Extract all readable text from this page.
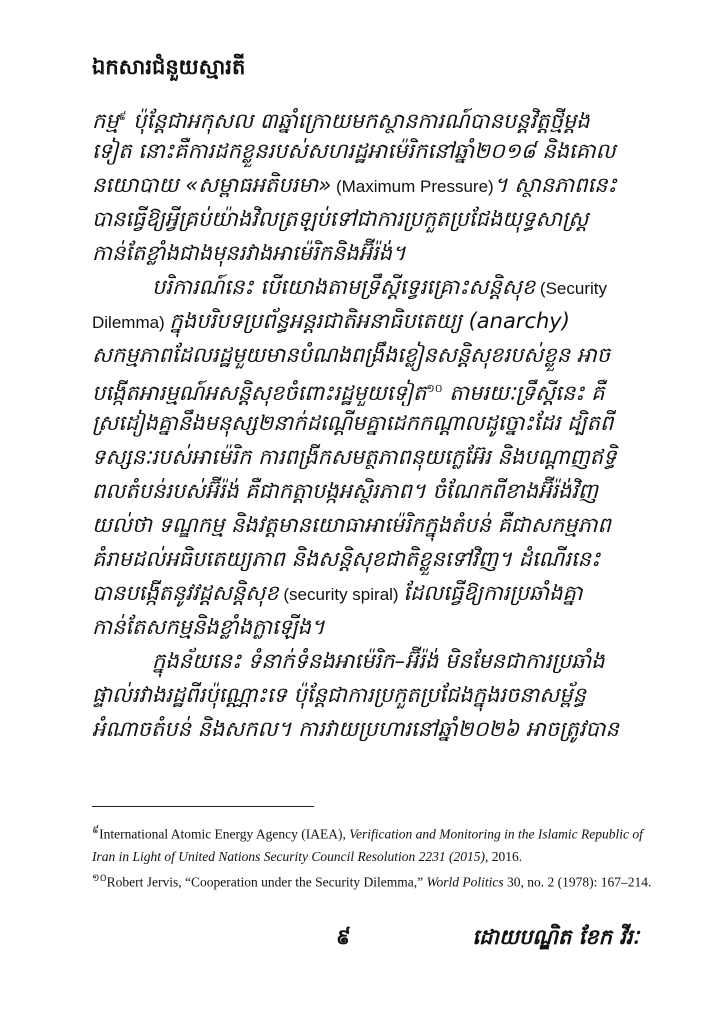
ឯកសារជំនួយស្មារតី
កម្ម$^៩$ ប៉ុន្តែជាអកុសល ៣ឆ្នាំក្រោយមកស្ថានការណ៍បានបន្តវិត្តថ្មីម្តង
ទៀត នោះគឺការដកខ្លួនរបស់សហរដ្ឋអាម៉េរិកនៅឆ្នាំ២០១៨ និងគោល
នយោបាយ «សម្ពាធអតិបរមា» (Maximum Pressure)។ ស្ថានភាពនេះ
បានធ្វើឱ្យអ្វីគ្រប់យ៉ាងវិលត្រឡប់ទៅជាការប្រកួតប្រជែងយុទ្ធសាស្ត្រ
កាន់តែខ្លាំងជាងមុនរវាងអាម៉េរិកនិងអ៊ីរ៉ង់។
បរិការណ៍នេះ បើយោងតាមទ្រឹស្តីទ្វេរគ្រោះសន្តិសុខ (Security
Dilemma) ក្នុងបរិបទប្រព័ន្ធអន្តរជាតិអនាធិបតេយ្យ (anarchy)
សកម្មភាពដែលរដ្ឋមួយមានបំណងពង្រឹងខ្លៀនសន្តិសុខរបស់ខ្លួន អាច
បង្កើតអារម្មណ៍អសន្តិសុខចំពោះរដ្ឋមួយទៀត$^{១០}$ តាមរយៈទ្រឹស្តីនេះ គឺ
ស្រដៀងគ្នានឹងមនុស្ស២នាក់ដណ្តើមគ្នាដេកកណ្តាលដូច្នោះដែរ ដ្បិតពី
ទស្សនៈរបស់អាម៉េរិក ការពង្រីកសមត្ថភាពនុយក្លេអ៊ែរ និងបណ្តាញឥទ្ធិ
ពលតំបន់របស់អ៊ីរ៉ង់ គឺជាកត្តាបង្កអស្ថិរភាព។ ចំណែកពីខាងអ៊ីរ៉ង់វិញ
យល់ថា ទណ្ឌកម្ម និងវត្តមានយោធាអាម៉េរិកក្នុងតំបន់ គឺជាសកម្មភាព
គំរាមដល់អធិបតេយ្យភាព និងសន្តិសុខជាតិខ្លួនទៅវិញ។ ដំណើរនេះ
បានបង្កើតនូវវដ្តសន្តិសុខ (security spiral) ដែលធ្វើឱ្យការប្រឆាំងគ្នា
កាន់តែសកម្មនិងខ្លាំងក្លាឡើង។
ក្នុងន័យនេះ ទំនាក់ទំនងអាម៉េរិក–អ៊ីរ៉ង់ មិនមែនជាការប្រឆាំង
ផ្ទាល់រវាងរដ្ឋពីរប៉ុណ្ណោះទេ ប៉ុន្តែជាការប្រកួតប្រជែងក្នុងរចនាសម្ព័ន្ធ
អំណាចតំបន់ និងសកល។ ការវាយប្រហារនៅឆ្នាំ២០២៦ អាចត្រូវបាន

$^៩$International Atomic Energy Agency (IAEA), Verification and Monitoring in the Islamic Republic of Iran in Light of United Nations Security Council Resolution 2231 (2015), 2016.

$^{១០}$Robert Jervis, “Cooperation under the Security Dilemma,” World Politics 30, no. 2 (1978): 167–214.

៩	ដោយបណ្ឌិត ខែក វីរៈ
